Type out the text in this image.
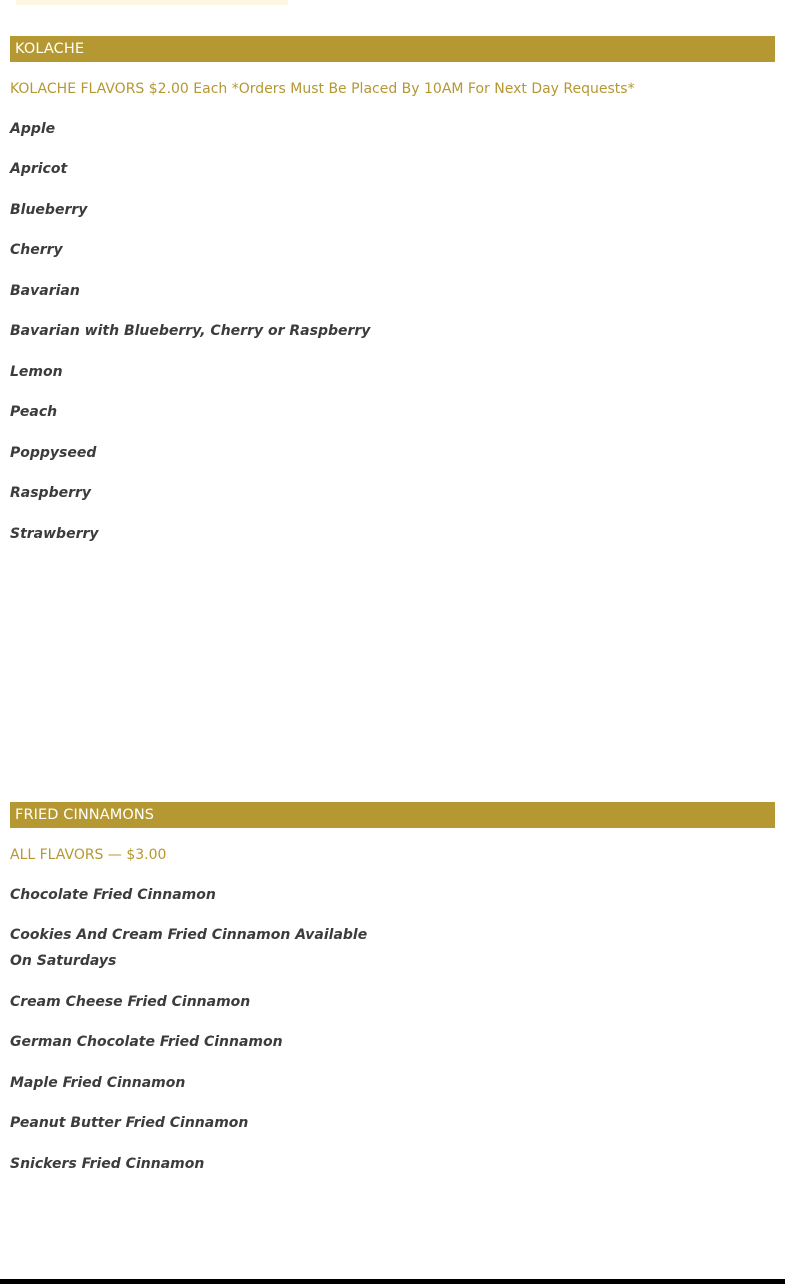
KOLACHE
KOLACHE FLAVORS $2.00 Each *Orders Must Be Placed By 10AM For Next Day Requests*
Apple
Apricot
Blueberry
Cherry
Bavarian
Bavarian with Blueberry, Cherry or Raspberry
Lemon
Peach
Poppyseed
Raspberry
Strawberry
FRIED CINNAMONS
ALL FLAVORS — $3.00
Chocolate Fried Cinnamon
Cookies And Cream Fried Cinnamon Available On Saturdays
Cream Cheese Fried Cinnamon
German Chocolate Fried Cinnamon
Maple Fried Cinnamon
Peanut Butter Fried Cinnamon
Snickers Fried Cinnamon
